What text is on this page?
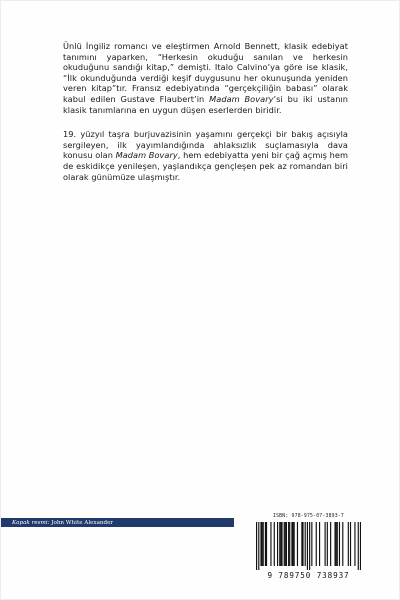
Ünlü İngiliz romancı ve eleştirmen Arnold Bennett, klasik edebiyat tanımını yaparken, “Herkesin okuduğu sanılan ve herkesin okuduğunu sandığı kitap,” demişti. Italo Calvino’ya göre ise klasik, “İlk okunduğunda verdiği keşif duygusunu her okunuşunda yeniden veren kitap”tır. Fransız edebiyatında “gerçekçiliğin babası” olarak kabul edilen Gustave Flaubert’in Madam Bovary’si bu iki ustanın klasik tanımlarına en uygun düşen eserlerden biridir.

19. yüzyıl taşra burjuvazisinin yaşamını gerçekçi bir bakış açısıyla sergileyen, ilk yayımlandığında ahlaksızlık suçlamasıyla dava konusu olan Madam Bovary, hem edebiyatta yeni bir çağ açmış hem de eskidikçe yenileşen, yaşlandıkça gençleşen pek az romandan biri olarak günümüze ulaşmıştır.

Kapak resmi: John White Alexander
ISBN: 978-975-07-3893-7
9 789750 738937
